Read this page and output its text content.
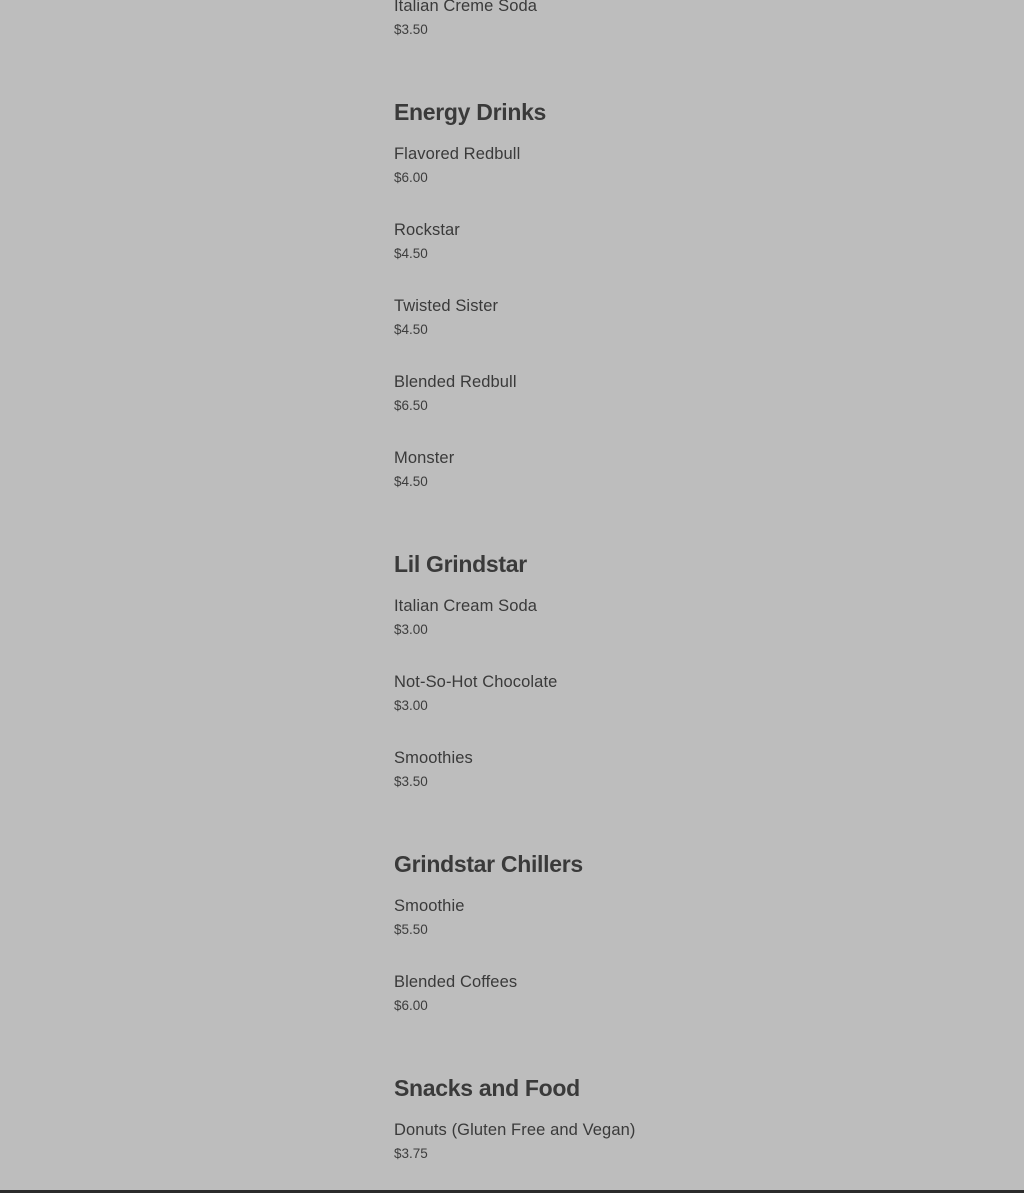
Italian Creme Soda
$3.50
Energy Drinks
Flavored Redbull
$6.00
Rockstar
$4.50
Twisted Sister
$4.50
Blended Redbull
$6.50
Monster
$4.50
Lil Grindstar
Italian Cream Soda
$3.00
Not-So-Hot Chocolate
$3.00
Smoothies
$3.50
Grindstar Chillers
Smoothie
$5.50
Blended Coffees
$6.00
Snacks and Food
Donuts (Gluten Free and Vegan)
$3.75
